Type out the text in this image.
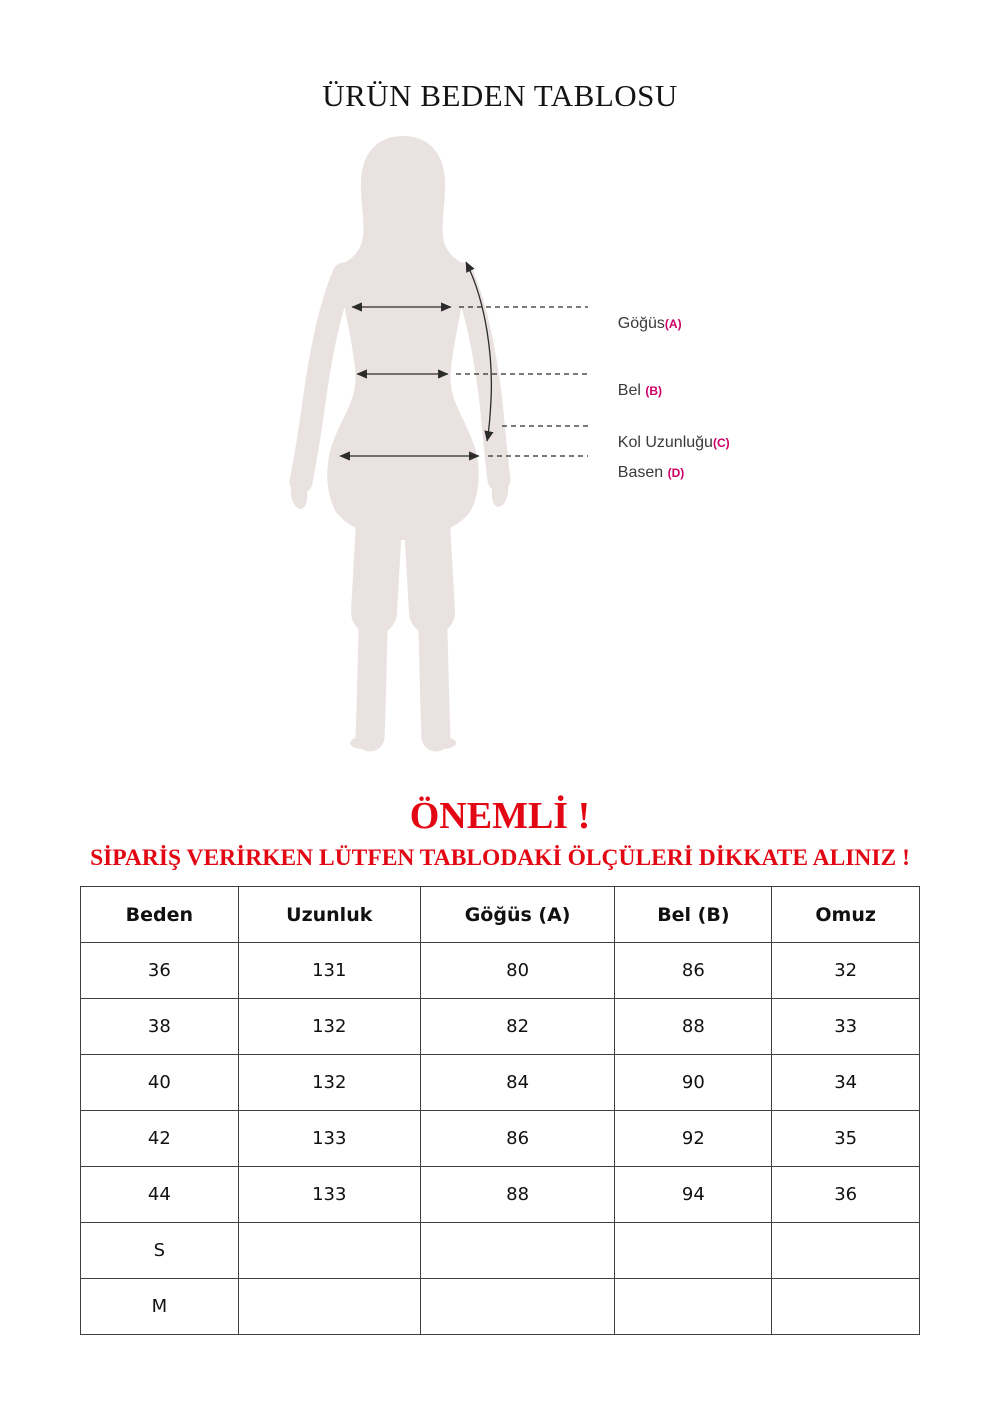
ÜRÜN BEDEN TABLOSU

Göğüs(A)

Bel (B)

Kol Uzunluğu(C)

Basen (D)

ÖNEMLİ !
SİPARİŞ VERİRKEN LÜTFEN TABLODAKİ ÖLÇÜLERİ DİKKATE ALINIZ !
Beden	Uzunluk	Göğüs (A)	Bel (B)	Omuz
36	131	80	86	32
38	132	82	88	33
40	132	84	90	34
42	133	86	92	35
44	133	88	94	36
S				
M				
